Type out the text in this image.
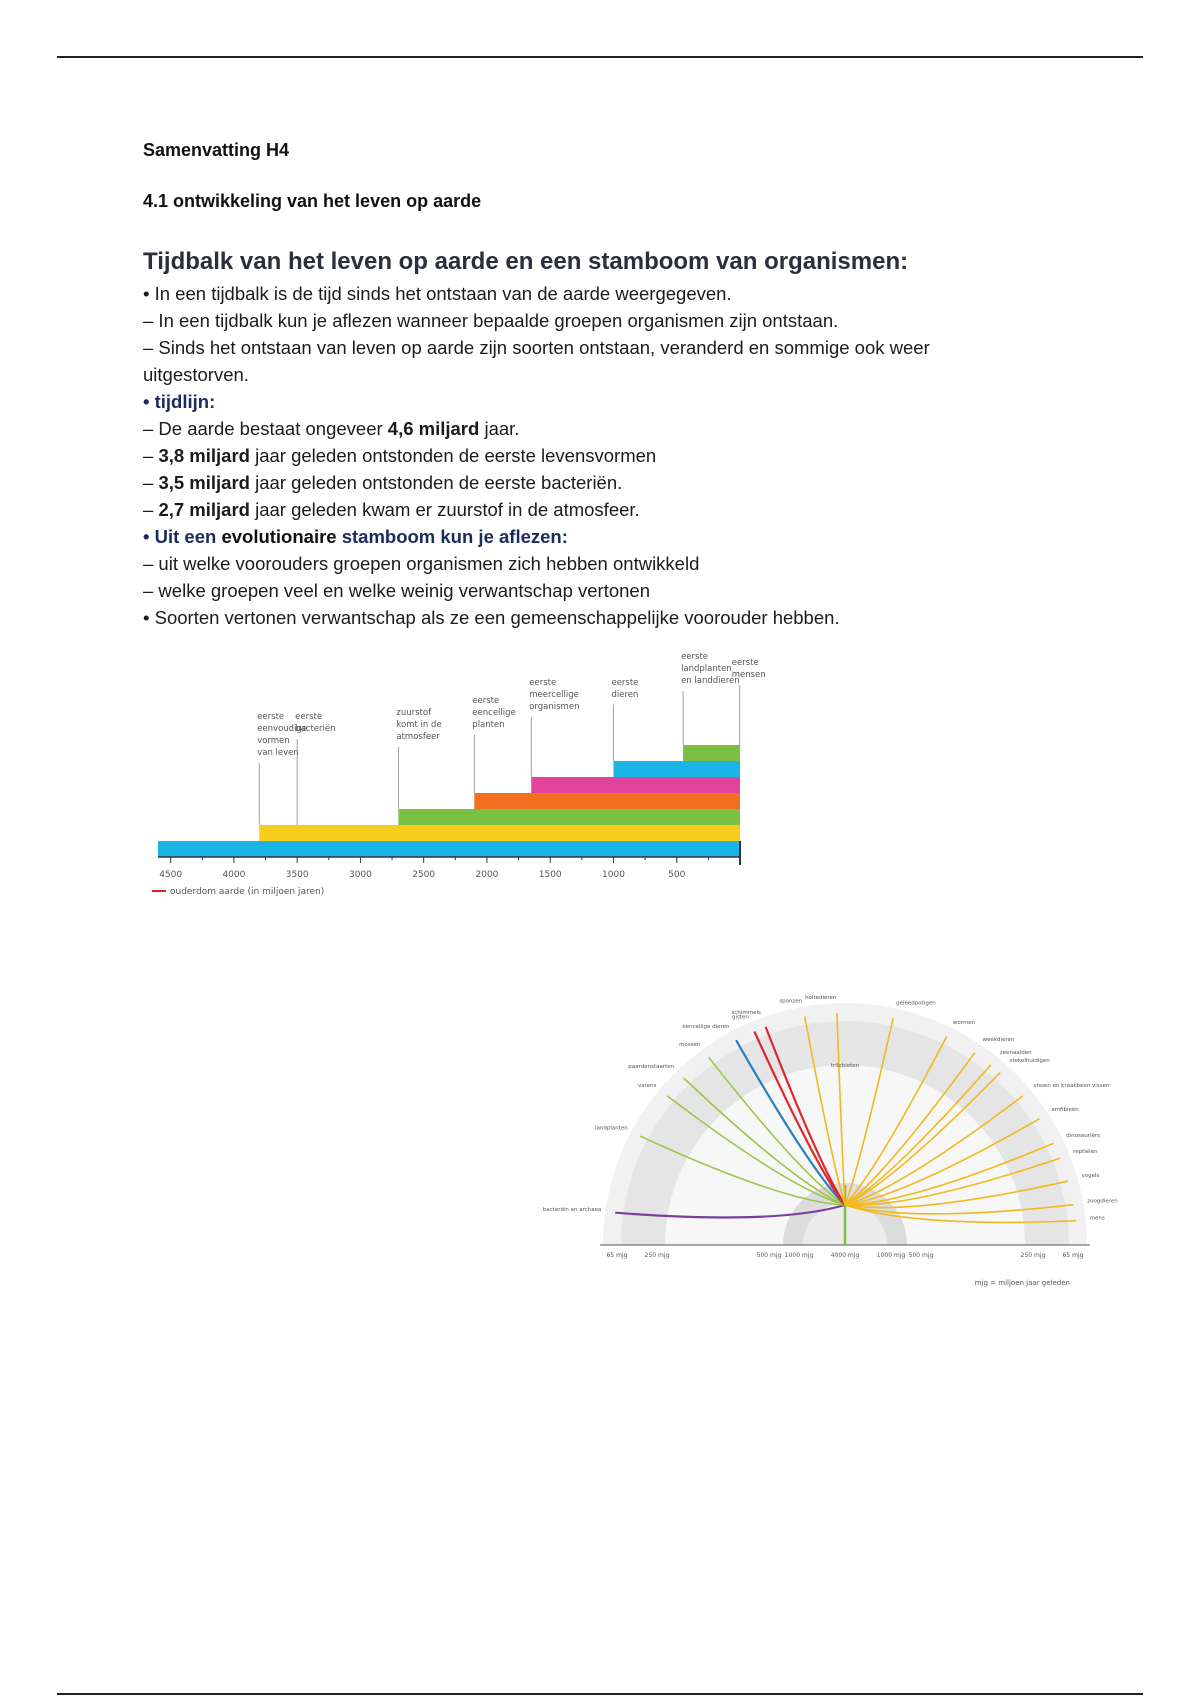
Samenvatting H4
4.1 ontwikkeling van het leven op aarde
Tijdbalk van het leven op aarde en een stamboom van organismen:
• In een tijdbalk is de tijd sinds het ontstaan van de aarde weergegeven.
– In een tijdbalk kun je aflezen wanneer bepaalde groepen organismen zijn ontstaan.
– Sinds het ontstaan van leven op aarde zijn soorten ontstaan, veranderd en sommige ook weer
uitgestorven.
• tijdlijn:
– De aarde bestaat ongeveer 4,6 miljard jaar.
– 3,8 miljard jaar geleden ontstonden de eerste levensvormen
– 3,5 miljard jaar geleden ontstonden de eerste bacteriën.
– 2,7 miljard jaar geleden kwam er zuurstof in de atmosfeer.
• Uit een evolutionaire stamboom kun je aflezen:
– uit welke voorouders groepen organismen zich hebben ontwikkeld
– welke groepen veel en welke weinig verwantschap vertonen
• Soorten vertonen verwantschap als ze een gemeenschappelijke voorouder hebben.
4500	4000	3500	3000	2500	2000	1500	1000	500
ouderdom aarde (in miljoen jaren)
eerste
eenvoudige
vormen
van leven
eerste
bacteriën
zuurstof
komt in de
atmosfeer
eerste
eencellige
planten
eerste
meercellige
organismen
eerste
dieren
eerste
landplanten
en landdieren
eerste
mensen
65 mjg	250 mjg	500 mjg 1000 mjg	4000 mjg	1000 mjg 500 mjg	250 mjg	65 mjg
mjg = miljoen jaar geleden
bacteriën en archaea
landplanten
varens
paardenstaarten
mossen
eencellige dieren
schimmels
gisten
sponzen
holtedieren
geleedpotigen
wormen
weekdieren
stekelhuidigen
zeenaalden
vissen en kraakbeen vissen
amfibieën
dinosauriërs
reptielen
vogels
zoogdieren
mens
trilobieten
